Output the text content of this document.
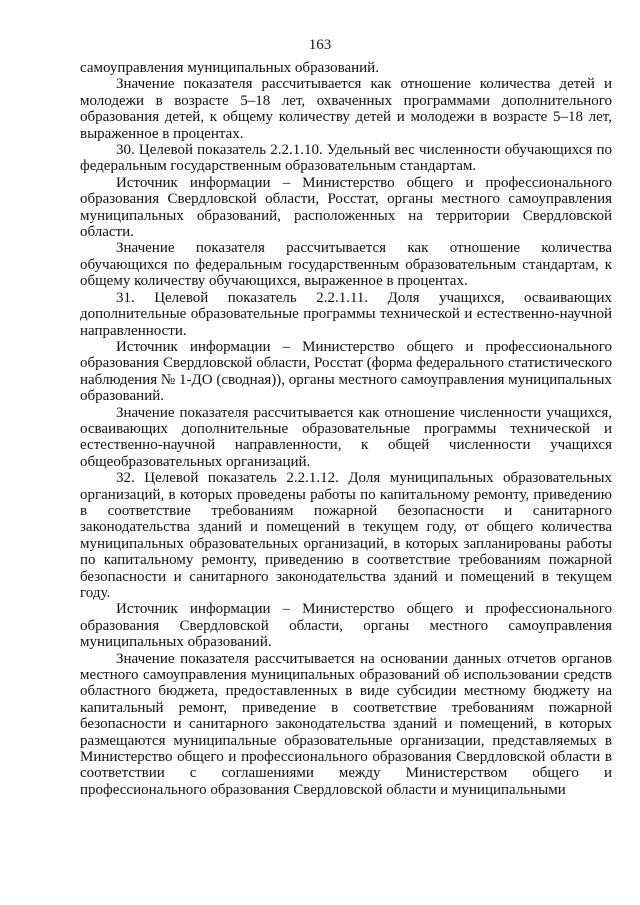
163

самоуправления муниципальных образований.

Значение показателя рассчитывается как отношение количества детей и молодежи в возрасте 5–18 лет, охваченных программами дополнительного образования детей, к общему количеству детей и молодежи в возрасте 5–18 лет, выраженное в процентах.

30. Целевой показатель 2.2.1.10. Удельный вес численности обучающихся по федеральным государственным образовательным стандартам.

Источник информации – Министерство общего и профессионального образования Свердловской области, Росстат, органы местного самоуправления муниципальных образований, расположенных на территории Свердловской области.

Значение показателя рассчитывается как отношение количества обучающихся по федеральным государственным образовательным стандартам, к общему количеству обучающихся, выраженное в процентах.

31. Целевой показатель 2.2.1.11. Доля учащихся, осваивающих дополнительные образовательные программы технической и естественно-научной направленности.

Источник информации – Министерство общего и профессионального образования Свердловской области, Росстат (форма федерального статистического наблюдения № 1-ДО (сводная)), органы местного самоуправления муниципальных образований.

Значение показателя рассчитывается как отношение численности учащихся, осваивающих дополнительные образовательные программы технической и естественно-научной направленности, к общей численности учащихся общеобразовательных организаций.

32. Целевой показатель 2.2.1.12. Доля муниципальных образовательных организаций, в которых проведены работы по капитальному ремонту, приведению в соответствие требованиям пожарной безопасности и санитарного законодательства зданий и помещений в текущем году, от общего количества муниципальных образовательных организаций, в которых запланированы работы по капитальному ремонту, приведению в соответствие требованиям пожарной безопасности и санитарного законодательства зданий и помещений в текущем году.

Источник информации – Министерство общего и профессионального образования Свердловской области, органы местного самоуправления муниципальных образований.

Значение показателя рассчитывается на основании данных отчетов органов местного самоуправления муниципальных образований об использовании средств областного бюджета, предоставленных в виде субсидии местному бюджету на капитальный ремонт, приведение в соответствие требованиям пожарной безопасности и санитарного законодательства зданий и помещений, в которых размещаются муниципальные образовательные организации, представляемых в Министерство общего и профессионального образования Свердловской области в соответствии с соглашениями между Министерством общего и профессионального образования Свердловской области и муниципальными
